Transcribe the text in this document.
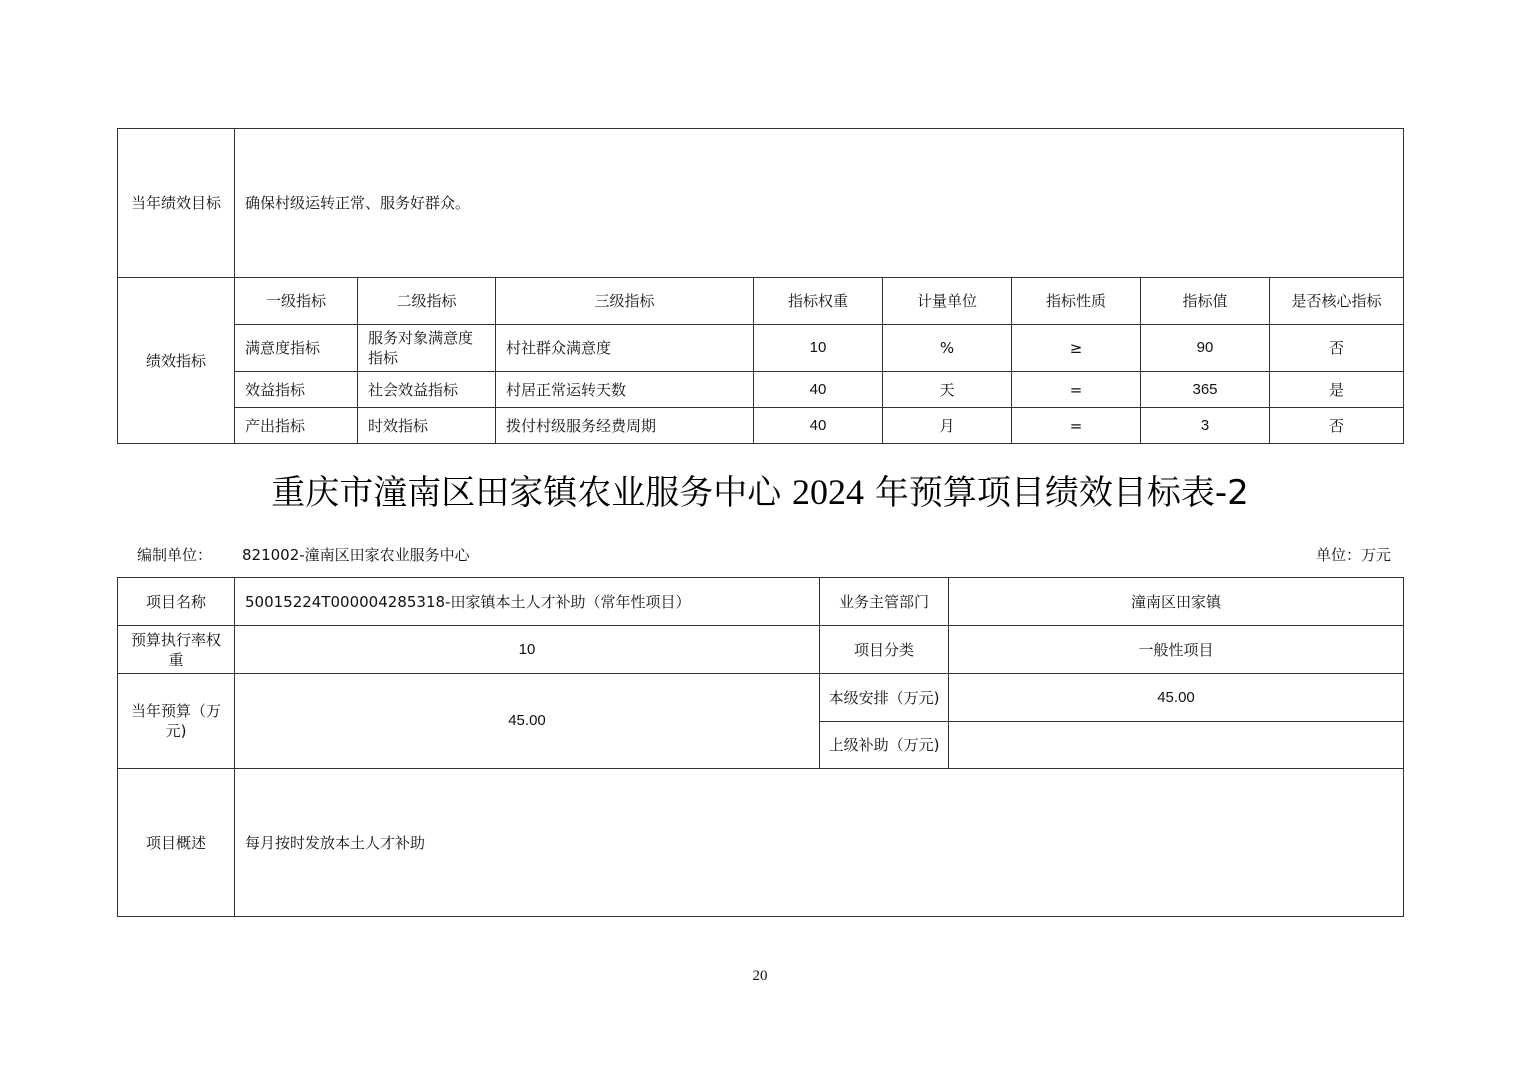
当年绩效目标	确保村级运转正常、服务好群众。							
绩效指标	一级指标	二级指标	三级指标	指标权重	计量单位	指标性质	指标值	是否核心指标
	满意度指标	服务对象满意度指标	村社群众满意度	10	%	≥	90	否
	效益指标	社会效益指标	村居正常运转天数	40	天	=	365	是
	产出指标	时效指标	拨付村级服务经费周期	40	月	=	3	否
重庆市潼南区田家镇农业服务中心 2024 年预算项目绩效目标表-2
编制单位： 821002-潼南区田家农业服务中心	单位：万元
项目名称	50015224T000004285318-田家镇本土人才补助（常年性项目）	业务主管部门	潼南区田家镇
预算执行率权重	10	项目分类	一般性项目
当年预算（万元)	45.00	本级安排（万元)	45.00
		上级补助（万元)	
项目概述	每月按时发放本土人才补助		
20
